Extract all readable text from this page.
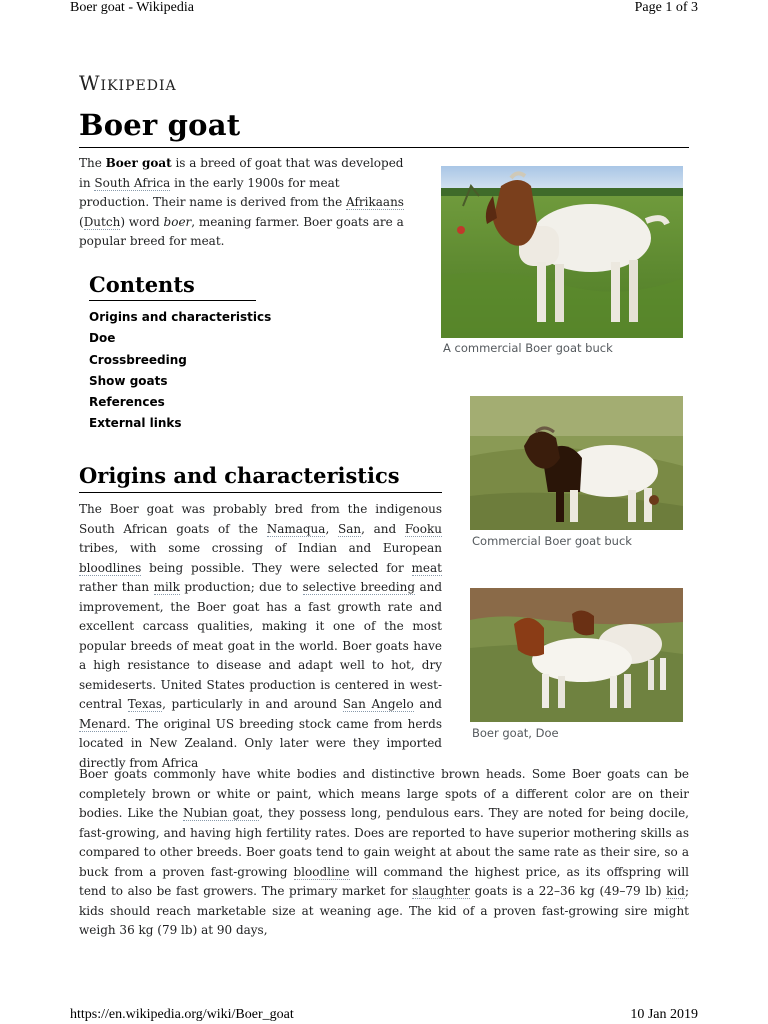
Boer goat - Wikipedia	Page 1 of 3
https://en.wikipedia.org/wiki/Boer_goat	10 Jan 2019
Wikipedia
Boer goat
The Boer goat is a breed of goat that was developed in South Africa in the early 1900s for meat production. Their name is derived from the Afrikaans (Dutch) word boer, meaning farmer. Boer goats are a popular breed for meat.
Contents
Origins and characteristics
Doe
Crossbreeding
Show goats
References
External links
Origins and characteristics
The Boer goat was probably bred from the indigenous South African goats of the Namaqua, San, and Fooku tribes, with some crossing of Indian and European bloodlines being possible. They were selected for meat rather than milk production; due to selective breeding and improvement, the Boer goat has a fast growth rate and excellent carcass qualities, making it one of the most popular breeds of meat goat in the world. Boer goats have a high resistance to disease and adapt well to hot, dry semideserts. United States production is centered in west-central Texas, particularly in and around San Angelo and Menard. The original US breeding stock came from herds located in New Zealand. Only later were they imported directly from Africa
Boer goats commonly have white bodies and distinctive brown heads. Some Boer goats can be completely brown or white or paint, which means large spots of a different color are on their bodies. Like the Nubian goat, they possess long, pendulous ears. They are noted for being docile, fast-growing, and having high fertility rates. Does are reported to have superior mothering skills as compared to other breeds. Boer goats tend to gain weight at about the same rate as their sire, so a buck from a proven fast-growing bloodline will command the highest price, as its offspring will tend to also be fast growers. The primary market for slaughter goats is a 22–36 kg (49–79 lb) kid; kids should reach marketable size at weaning age. The kid of a proven fast-growing sire might weigh 36 kg (79 lb) at 90 days,
A commercial Boer goat buck
Commercial Boer goat buck
Boer goat, Doe
